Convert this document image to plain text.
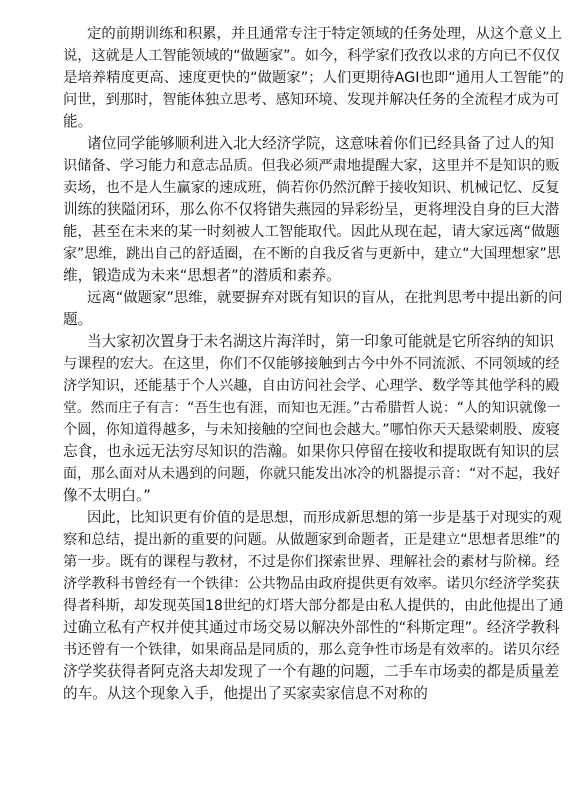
定的前期训练和积累，并且通常专注于特定领域的任务处理，从这个意义上
说，这就是人工智能领域的“做题家”。如今，科学家们孜孜以求的方向已不仅仅
是培养精度更高、速度更快的“做题家”；人们更期待AGI也即“通用人工智能”的
问世，到那时，智能体独立思考、感知环境、发现并解决任务的全流程才成为可
能。
诸位同学能够顺利进入北大经济学院，这意味着你们已经具备了过人的知
识储备、学习能力和意志品质。但我必须严肃地提醒大家，这里并不是知识的贩
卖场，也不是人生赢家的速成班，倘若你仍然沉醉于接收知识、机械记忆、反复
训练的狭隘闭环，那么你不仅将错失燕园的异彩纷呈，更将埋没自身的巨大潜
能，甚至在未来的某一时刻被人工智能取代。因此从现在起，请大家远离“做题
家”思维，跳出自己的舒适圈，在不断的自我反省与更新中，建立“大国理想家”思
维，锻造成为未来“思想者”的潜质和素养。
远离“做题家”思维，就要摒弃对既有知识的盲从，在批判思考中提出新的问
题。
当大家初次置身于未名湖这片海洋时，第一印象可能就是它所容纳的知识
与课程的宏大。在这里，你们不仅能够接触到古今中外不同流派、不同领域的经
济学知识，还能基于个人兴趣，自由访问社会学、心理学、数学等其他学科的殿
堂。然而庄子有言：“吾生也有涯，而知也无涯。”古希腊哲人说：“人的知识就像一
个圆，你知道得越多，与未知接触的空间也会越大。”哪怕你天天悬梁刺股、废寝
忘食，也永远无法穷尽知识的浩瀚。如果你只停留在接收和提取既有知识的层
面，那么面对从未遇到的问题，你就只能发出冰冷的机器提示音：“对不起，我好
像不太明白。”
因此，比知识更有价值的是思想，而形成新思想的第一步是基于对现实的观
察和总结，提出新的重要的问题。从做题家到命题者，正是建立“思想者思维”的
第一步。既有的课程与教材，不过是你们探索世界、理解社会的素材与阶梯。经
济学教科书曾经有一个铁律：公共物品由政府提供更有效率。诺贝尔经济学奖获
得者科斯，却发现英国18世纪的灯塔大部分都是由私人提供的，由此他提出了通
过确立私有产权并使其通过市场交易以解决外部性的“科斯定理”。经济学教科
书还曾有一个铁律，如果商品是同质的，那么竞争性市场是有效率的。诺贝尔经
济学奖获得者阿克洛夫却发现了一个有趣的问题，二手车市场卖的都是质量差
的车。从这个现象入手，他提出了买家卖家信息不对称的
